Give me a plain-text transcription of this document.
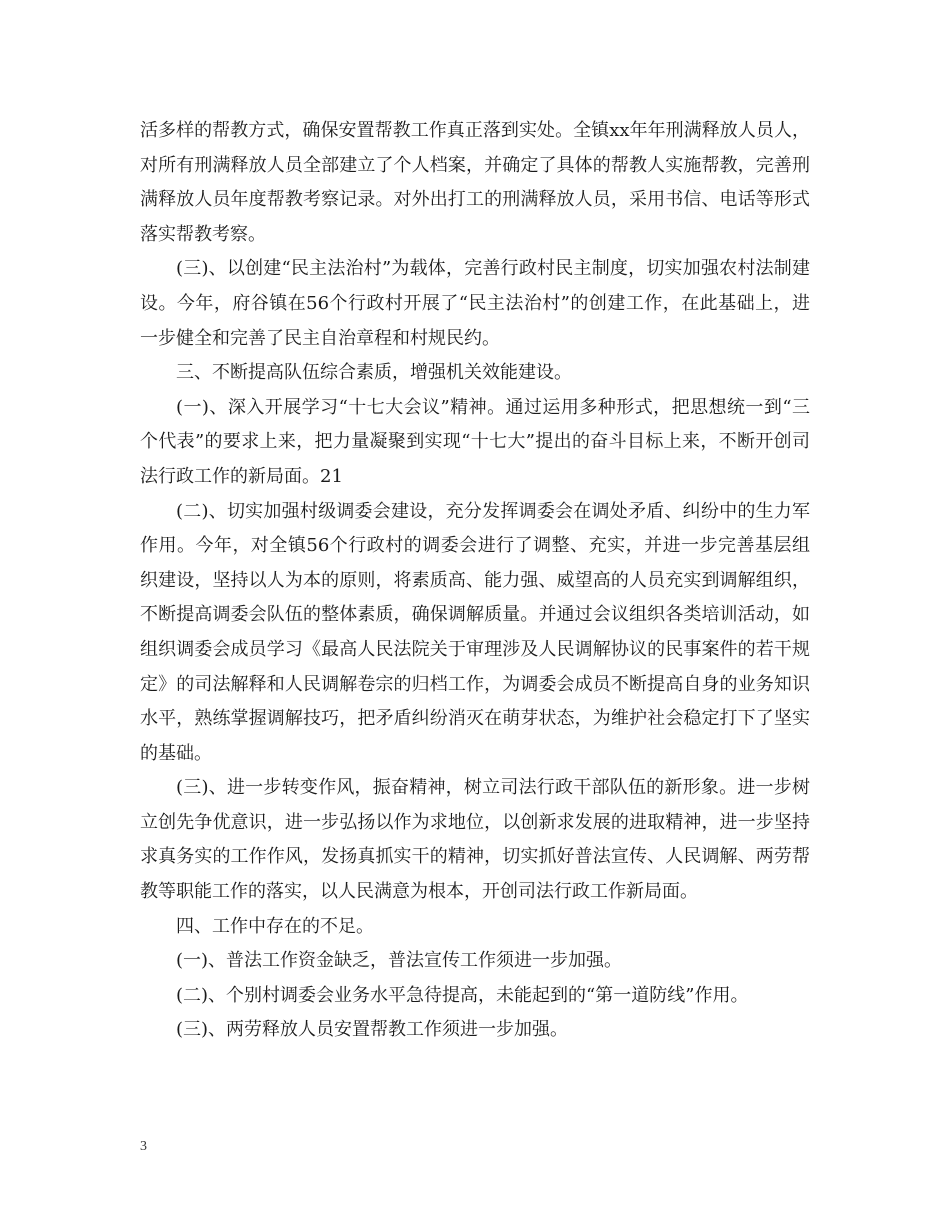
活多样的帮教方式，确保安置帮教工作真正落到实处。全镇xx年年刑满释放人员人，对所有刑满释放人员全部建立了个人档案，并确定了具体的帮教人实施帮教，完善刑满释放人员年度帮教考察记录。对外出打工的刑满释放人员，采用书信、电话等形式落实帮教考察。

(三)、以创建“民主法治村”为载体，完善行政村民主制度，切实加强农村法制建设。今年，府谷镇在56个行政村开展了“民主法治村”的创建工作，在此基础上，进一步健全和完善了民主自治章程和村规民约。

三、不断提高队伍综合素质，增强机关效能建设。

(一)、深入开展学习“十七大会议”精神。通过运用多种形式，把思想统一到“三个代表”的要求上来，把力量凝聚到实现“十七大”提出的奋斗目标上来，不断开创司法行政工作的新局面。21

(二)、切实加强村级调委会建设，充分发挥调委会在调处矛盾、纠纷中的生力军作用。今年，对全镇56个行政村的调委会进行了调整、充实，并进一步完善基层组织建设，坚持以人为本的原则，将素质高、能力强、威望高的人员充实到调解组织，不断提高调委会队伍的整体素质，确保调解质量。并通过会议组织各类培训活动，如组织调委会成员学习《最高人民法院关于审理涉及人民调解协议的民事案件的若干规定》的司法解释和人民调解卷宗的归档工作，为调委会成员不断提高自身的业务知识水平，熟练掌握调解技巧，把矛盾纠纷消灭在萌芽状态，为维护社会稳定打下了坚实的基础。

(三)、进一步转变作风，振奋精神，树立司法行政干部队伍的新形象。进一步树立创先争优意识，进一步弘扬以作为求地位，以创新求发展的进取精神，进一步坚持求真务实的工作作风，发扬真抓实干的精神，切实抓好普法宣传、人民调解、两劳帮教等职能工作的落实，以人民满意为根本，开创司法行政工作新局面。

四、工作中存在的不足。

(一)、普法工作资金缺乏，普法宣传工作须进一步加强。

(二)、个别村调委会业务水平急待提高，未能起到的“第一道防线”作用。

(三)、两劳释放人员安置帮教工作须进一步加强。

3
